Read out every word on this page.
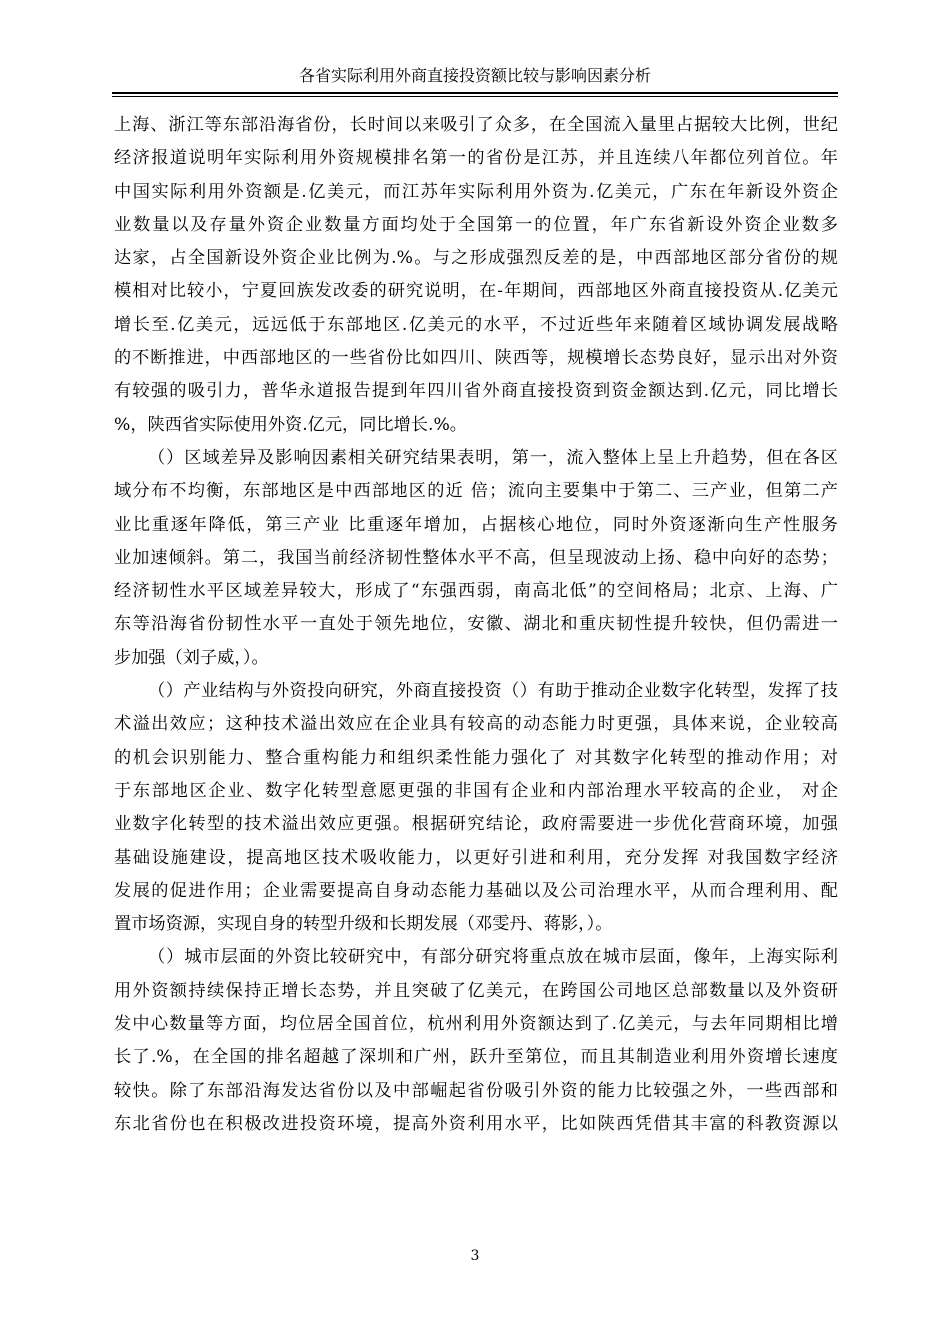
各省实际利用外商直接投资额比较与影响因素分析
上海、浙江等东部沿海省份，长时间以来吸引了众多，在全国流入量里占据较大比例，世纪
经济报道说明年实际利用外资规模排名第一的省份是江苏，并且连续八年都位列首位。年
中国实际利用外资额是.亿美元，而江苏年实际利用外资为.亿美元，广东在年新设外资企
业数量以及存量外资企业数量方面均处于全国第一的位置，年广东省新设外资企业数多
达家，占全国新设外资企业比例为.%。与之形成强烈反差的是，中西部地区部分省份的规
模相对比较小，宁夏回族发改委的研究说明，在-年期间，西部地区外商直接投资从.亿美元
增长至.亿美元，远远低于东部地区.亿美元的水平，不过近些年来随着区域协调发展战略
的不断推进，中西部地区的一些省份比如四川、陕西等，规模增长态势良好，显示出对外资
有较强的吸引力，普华永道报告提到年四川省外商直接投资到资金额达到.亿元，同比增长
%，陕西省实际使用外资.亿元，同比增长.%。
（）区域差异及影响因素相关研究结果表明，第一，流入整体上呈上升趋势，但在各区
域分布不均衡，东部地区是中西部地区的近 倍；流向主要集中于第二、三产业，但第二产
业比重逐年降低，第三产业 比重逐年增加，占据核心地位，同时外资逐渐向生产性服务
业加速倾斜。第二，我国当前经济韧性整体水平不高，但呈现波动上扬、稳中向好的态势；
经济韧性水平区域差异较大，形成了“东强西弱，南高北低”的空间格局；北京、上海、广
东等沿海省份韧性水平一直处于领先地位，安徽、湖北和重庆韧性提升较快，但仍需进一
步加强（刘子威，）。
（）产业结构与外资投向研究，外商直接投资（）有助于推动企业数字化转型，发挥了技
术溢出效应；这种技术溢出效应在企业具有较高的动态能力时更强，具体来说，企业较高
的机会识别能力、整合重构能力和组织柔性能力强化了 对其数字化转型的推动作用；对
于东部地区企业、数字化转型意愿更强的非国有企业和内部治理水平较高的企业， 对企
业数字化转型的技术溢出效应更强。根据研究结论，政府需要进一步优化营商环境，加强
基础设施建设，提高地区技术吸收能力，以更好引进和利用，充分发挥 对我国数字经济
发展的促进作用；企业需要提高自身动态能力基础以及公司治理水平，从而合理利用、配
置市场资源，实现自身的转型升级和长期发展（邓雯丹、蒋影，）。
（）城市层面的外资比较研究中，有部分研究将重点放在城市层面，像年，上海实际利
用外资额持续保持正增长态势，并且突破了亿美元，在跨国公司地区总部数量以及外资研
发中心数量等方面，均位居全国首位，杭州利用外资额达到了.亿美元，与去年同期相比增
长了.%，在全国的排名超越了深圳和广州，跃升至第位，而且其制造业利用外资增长速度
较快。除了东部沿海发达省份以及中部崛起省份吸引外资的能力比较强之外，一些西部和
东北省份也在积极改进投资环境，提高外资利用水平，比如陕西凭借其丰富的科教资源以
3
